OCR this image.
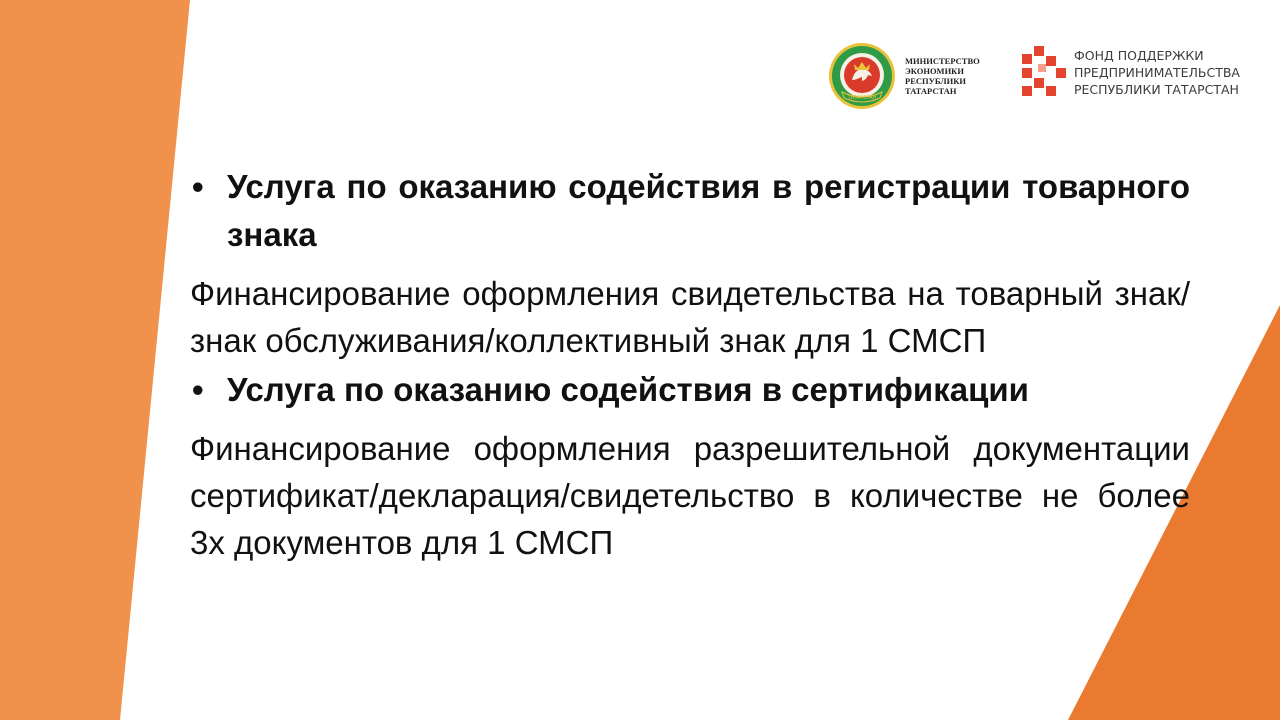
ТАТАРСТАН
МИНИСТЕРСТВО
ЭКОНОМИКИ
РЕСПУБЛИКИ
ТАТАРСТАН
ФОНД ПОДДЕРЖКИ
ПРЕДПРИНИМАТЕЛЬСТВА
РЕСПУБЛИКИ ТАТАРСТАН
• Услуга по оказанию содействия в регистрации товарного знака
Финансирование оформления свидетельства на товарный знак/знак обслуживания/коллективный знак для 1 СМСП
• Услуга по оказанию содействия в сертификации
Финансирование оформления разрешительной документации сертификат/декларация/свидетельство в количестве не более 3х документов для 1 СМСП
